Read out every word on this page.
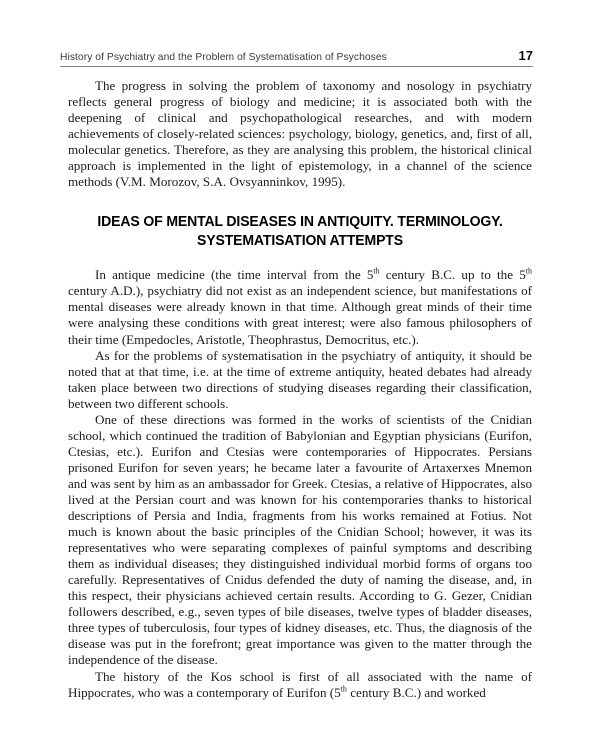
History of Psychiatry and the Problem of Systematisation of Psychoses	17

The progress in solving the problem of taxonomy and nosology in psychiatry reflects general progress of biology and medicine; it is associated both with the deepening of clinical and psychopathological researches, and with modern achievements of closely-related sciences: psychology, biology, genetics, and, first of all, molecular genetics. Therefore, as they are analysing this problem, the historical clinical approach is implemented in the light of epistemology, in a channel of the science methods (V.M. Morozov, S.A. Ovsyanninkov, 1995).

IDEAS OF MENTAL DISEASES IN ANTIQUITY. TERMINOLOGY.
SYSTEMATISATION ATTEMPTS

In antique medicine (the time interval from the 5th century B.C. up to the 5th century A.D.), psychiatry did not exist as an independent science, but manifestations of mental diseases were already known in that time. Although great minds of their time were analysing these conditions with great interest; were also famous philosophers of their time (Empedocles, Aristotle, Theophrastus, Democritus, etc.).

As for the problems of systematisation in the psychiatry of antiquity, it should be noted that at that time, i.e. at the time of extreme antiquity, heated debates had already taken place between two directions of studying diseases regarding their classification, between two different schools.

One of these directions was formed in the works of scientists of the Cnidian school, which continued the tradition of Babylonian and Egyptian physicians (Eurifon, Ctesias, etc.). Eurifon and Ctesias were contemporaries of Hippocrates. Persians prisoned Eurifon for seven years; he became later a favourite of Artaxerxes Mnemon and was sent by him as an ambassador for Greek. Ctesias, a relative of Hippocrates, also lived at the Persian court and was known for his contemporaries thanks to historical descriptions of Persia and India, fragments from his works remained at Fotius. Not much is known about the basic principles of the Cnidian School; however, it was its representatives who were separating complexes of painful symptoms and describing them as individual diseases; they distinguished individual morbid forms of organs too carefully. Representatives of Cnidus defended the duty of naming the disease, and, in this respect, their physicians achieved certain results. According to G. Gezer, Cnidian followers described, e.g., seven types of bile diseases, twelve types of bladder diseases, three types of tuberculosis, four types of kidney diseases, etc. Thus, the diagnosis of the disease was put in the forefront; great importance was given to the matter through the independence of the disease.

The history of the Kos school is first of all associated with the name of Hippocrates, who was a contemporary of Eurifon (5th century B.C.) and worked
